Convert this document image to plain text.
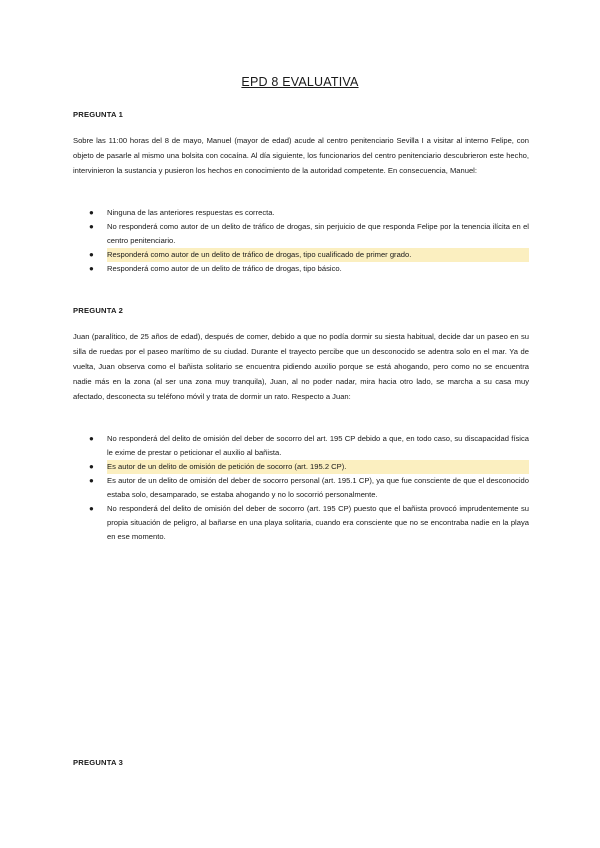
EPD 8 EVALUATIVA
PREGUNTA 1

Sobre las 11:00 horas del 8 de mayo, Manuel (mayor de edad) acude al centro penitenciario Sevilla I a visitar al interno Felipe, con objeto de pasarle al mismo una bolsita con cocaína. Al día siguiente, los funcionarios del centro penitenciario descubrieron este hecho, intervinieron la sustancia y pusieron los hechos en conocimiento de la autoridad competente. En consecuencia, Manuel:

● Ninguna de las anteriores respuestas es correcta.
● No responderá como autor de un delito de tráfico de drogas, sin perjuicio de que responda Felipe por la tenencia ilícita en el centro penitenciario.
● Responderá como autor de un delito de tráfico de drogas, tipo cualificado de primer grado.
● Responderá como autor de un delito de tráfico de drogas, tipo básico.
PREGUNTA 2

Juan (paralítico, de 25 años de edad), después de comer, debido a que no podía dormir su siesta habitual, decide dar un paseo en su silla de ruedas por el paseo marítimo de su ciudad. Durante el trayecto percibe que un desconocido se adentra solo en el mar. Ya de vuelta, Juan observa como el bañista solitario se encuentra pidiendo auxilio porque se está ahogando, pero como no se encuentra nadie más en la zona (al ser una zona muy tranquila), Juan, al no poder nadar, mira hacia otro lado, se marcha a su casa muy afectado, desconecta su teléfono móvil y trata de dormir un rato. Respecto a Juan:

● No responderá del delito de omisión del deber de socorro del art. 195 CP debido a que, en todo caso, su discapacidad física le exime de prestar o peticionar el auxilio al bañista.
● Es autor de un delito de omisión de petición de socorro (art. 195.2 CP).
● Es autor de un delito de omisión del deber de socorro personal (art. 195.1 CP), ya que fue consciente de que el desconocido estaba solo, desamparado, se estaba ahogando y no lo socorrió personalmente.
● No responderá del delito de omisión del deber de socorro (art. 195 CP) puesto que el bañista provocó imprudentemente su propia situación de peligro, al bañarse en una playa solitaria, cuando era consciente que no se encontraba nadie en la playa en ese momento.
PREGUNTA 3
